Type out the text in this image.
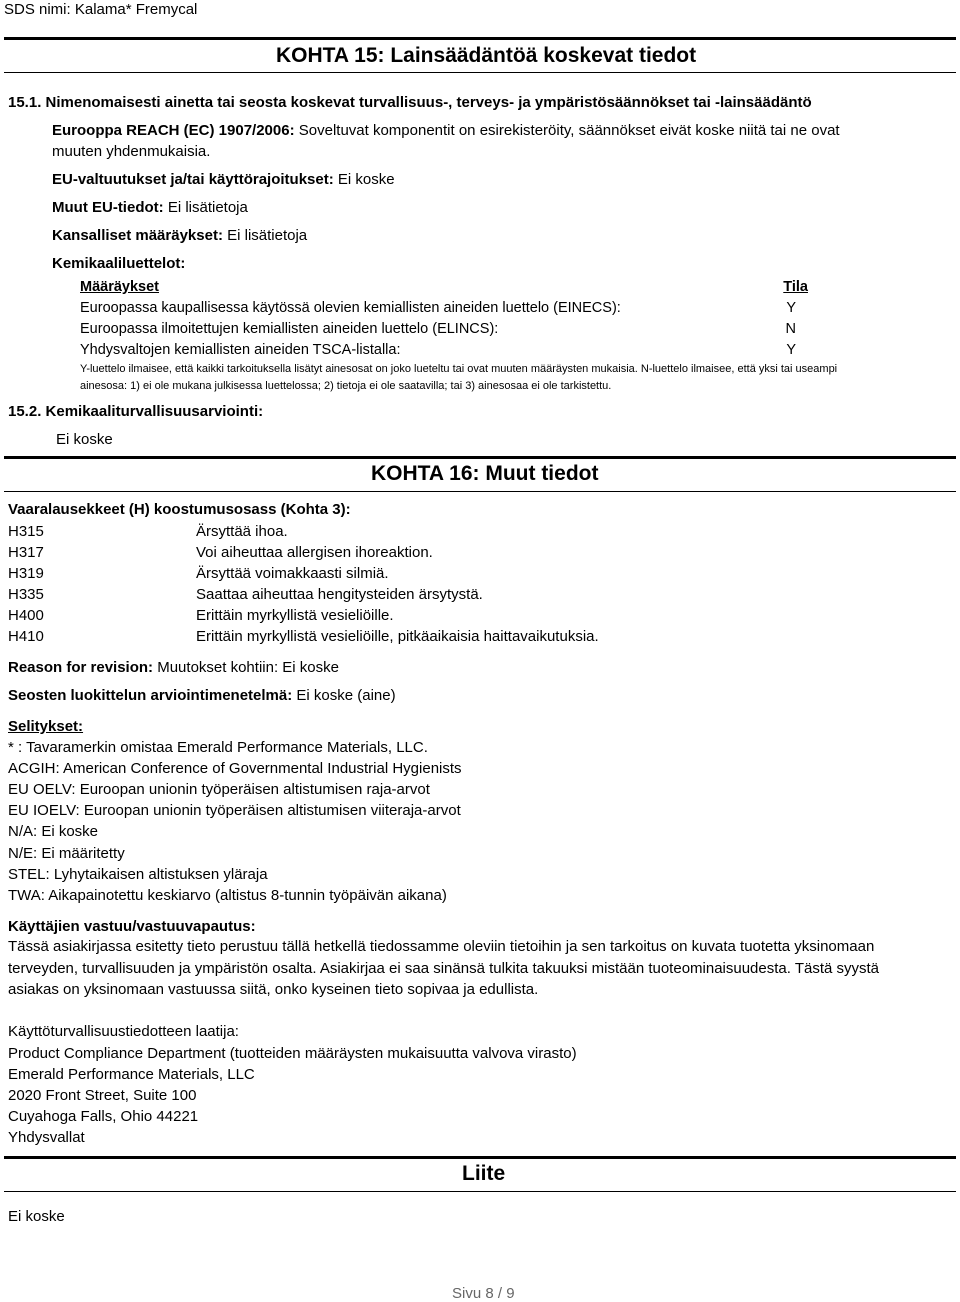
SDS nimi: Kalama* Fremycal
KOHTA 15: Lainsäädäntöä koskevat tiedot
15.1. Nimenomaisesti ainetta tai seosta koskevat turvallisuus-, terveys- ja ympäristösäännökset tai -lainsäädäntö
Eurooppa REACH (EC) 1907/2006: Soveltuvat komponentit on esirekisteröity, säännökset eivät koske niitä tai ne ovat
muuten yhdenmukaisia.
EU-valtuutukset ja/tai käyttörajoitukset: Ei koske
Muut EU-tiedot: Ei lisätietoja
Kansalliset määräykset: Ei lisätietoja
Kemikaaliluettelot:
Määräykset	Tila
Euroopassa kaupallisessa käytössä olevien kemiallisten aineiden luettelo (EINECS):	Y
Euroopassa ilmoitettujen kemiallisten aineiden luettelo (ELINCS):	N
Yhdysvaltojen kemiallisten aineiden TSCA-listalla:	Y
Y-luettelo ilmaisee, että kaikki tarkoituksella lisätyt ainesosat on joko lueteltu tai ovat muuten määräysten mukaisia. N-luettelo ilmaisee, että yksi tai useampi
ainesosa: 1) ei ole mukana julkisessa luettelossa; 2) tietoja ei ole saatavilla; tai 3) ainesosaa ei ole tarkistettu.
15.2. Kemikaaliturvallisuusarviointi:
Ei koske
KOHTA 16: Muut tiedot
Vaaralausekkeet (H) koostumusosass (Kohta 3):
H315	Ärsyttää ihoa.
H317	Voi aiheuttaa allergisen ihoreaktion.
H319	Ärsyttää voimakkaasti silmiä.
H335	Saattaa aiheuttaa hengitysteiden ärsytystä.
H400	Erittäin myrkyllistä vesieliöille.
H410	Erittäin myrkyllistä vesieliöille, pitkäaikaisia haittavaikutuksia.
Reason for revision: Muutokset kohtiin: Ei koske
Seosten luokittelun arviointimenetelmä: Ei koske (aine)
Selitykset:
* : Tavaramerkin omistaa Emerald Performance Materials, LLC.
ACGIH: American Conference of Governmental Industrial Hygienists
EU OELV: Euroopan unionin työperäisen altistumisen raja-arvot
EU IOELV: Euroopan unionin työperäisen altistumisen viiteraja-arvot
N/A: Ei koske
N/E: Ei määritetty
STEL: Lyhytaikaisen altistuksen yläraja
TWA: Aikapainotettu keskiarvo (altistus 8-tunnin työpäivän aikana)
Käyttäjien vastuu/vastuuvapautus:
Tässä asiakirjassa esitetty tieto perustuu tällä hetkellä tiedossamme oleviin tietoihin ja sen tarkoitus on kuvata tuotetta yksinomaan
terveyden, turvallisuuden ja ympäristön osalta. Asiakirjaa ei saa sinänsä tulkita takuuksi mistään tuoteominaisuudesta. Tästä syystä
asiakas on yksinomaan vastuussa siitä, onko kyseinen tieto sopivaa ja edullista.
Käyttöturvallisuustiedotteen laatija:
Product Compliance Department (tuotteiden määräysten mukaisuutta valvova virasto)
Emerald Performance Materials, LLC
2020 Front Street, Suite 100
Cuyahoga Falls, Ohio 44221
Yhdysvallat
Liite
Ei koske
Sivu 8 / 9
